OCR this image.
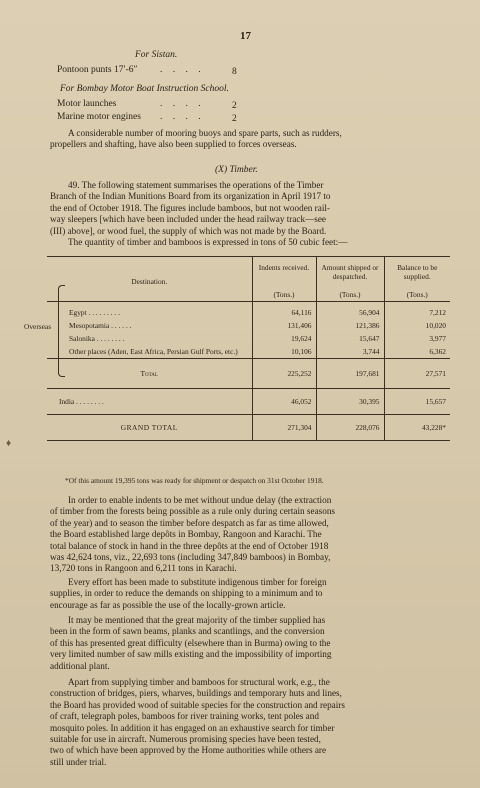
17
For Sistan.
Pontoon punts 17′-6″ . . . .	8
For Bombay Motor Boat Instruction School.
Motor launches	. . . .	2
Marine motor engines . . . .	2
A considerable number of mooring buoys and spare parts, such as rudders,
propellers and shafting, have also been supplied to forces overseas.
(X) Timber.
49. The following statement summarises the operations of the Timber
Branch of the Indian Munitions Board from its organization in April 1917 to
the end of October 1918. The figures include bamboos, but not wooden rail-
way sleepers [which have been included under the head railway track—see
(III) above], or wood fuel, the supply of which was not made by the Board.
The quantity of timber and bamboos is expressed in tons of 50 cubic feet:—
Destination.	Indents received.	Amount shipped or despatched.	Balance to be supplied.
	(Tons.)	(Tons.)	(Tons.)
Egypt . . . . . . . . .	64,116	56,904	7,212
Mesopotamia . . . . . .	131,406	121,386	10,020
Salonika . . . . . . . .	19,624	15,647	3,977
Other places (Aden, East Africa, Persian Gulf Ports, etc.)	10,106	3,744	6,362
Total	225,252	197,681	27,571
India . . . . . . . .	46,052	30,395	15,657
GRAND TOTAL	271,304	228,076	43,228*
Overseas
*Of this amount 19,395 tons was ready for shipment or despatch on 31st October 1918.
♦
In order to enable indents to be met without undue delay (the extraction
of timber from the forests being possible as a rule only during certain seasons
of the year) and to season the timber before despatch as far as time allowed,
the Board established large depôts in Bombay, Rangoon and Karachi. The
total balance of stock in hand in the three depôts at the end of October 1918
was 42,624 tons, viz., 22,693 tons (including 347,849 bamboos) in Bombay,
13,720 tons in Rangoon and 6,211 tons in Karachi.
Every effort has been made to substitute indigenous timber for foreign
supplies, in order to reduce the demands on shipping to a minimum and to
encourage as far as possible the use of the locally-grown article.
It may be mentioned that the great majority of the timber supplied has
been in the form of sawn beams, planks and scantlings, and the conversion
of this has presented great difficulty (elsewhere than in Burma) owing to the
very limited number of saw mills existing and the impossibility of importing
additional plant.
Apart from supplying timber and bamboos for structural work, e.g., the
construction of bridges, piers, wharves, buildings and temporary huts and lines,
the Board has provided wood of suitable species for the construction and repairs
of craft, telegraph poles, bamboos for river training works, tent poles and
mosquito poles. In addition it has engaged on an exhaustive search for timber
suitable for use in aircraft. Numerous promising species have been tested,
two of which have been approved by the Home authorities while others are
still under trial.
